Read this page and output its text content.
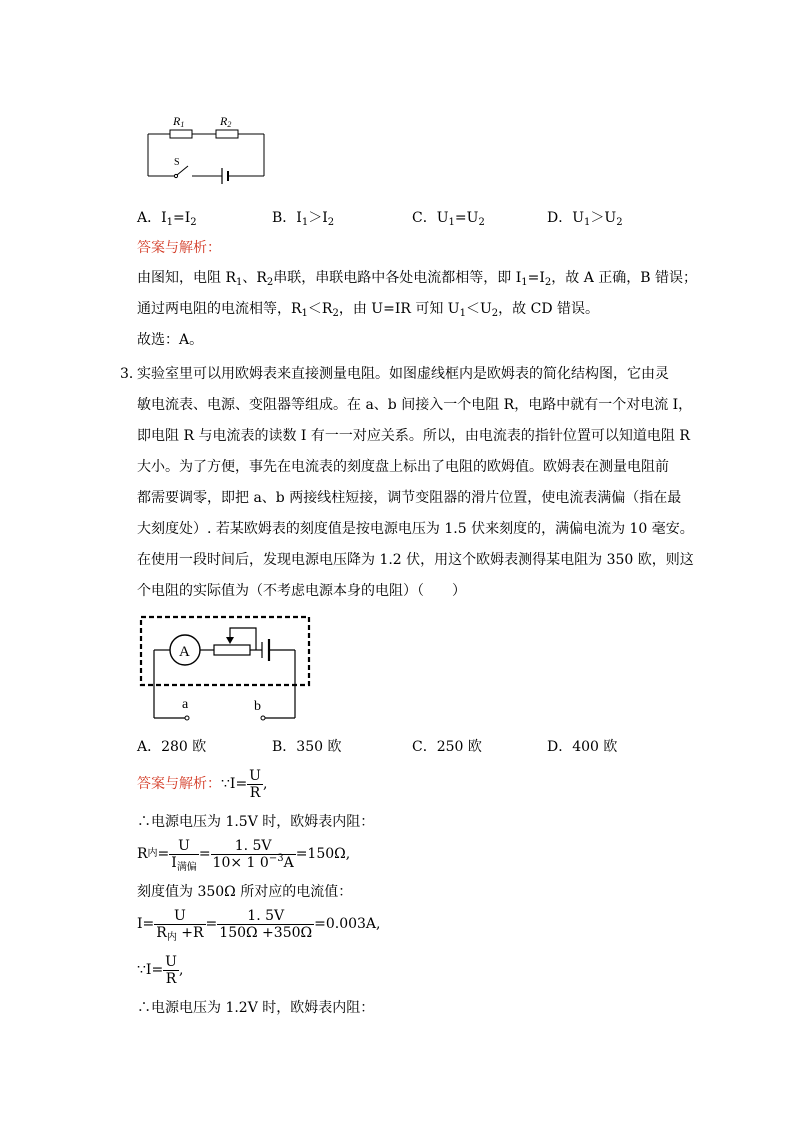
R1	R2
S
A．$I_1=I_2$	B．$I_1>I_2$	C．$U_1=U_2$	D．$U_1>U_2$
答案与解析：
由图知，电阻 $R_1$、$R_2$串联，串联电路中各处电流都相等，即 $I_1=I_2$，故 A 正确，B 错误；
通过两电阻的电流相等，$R_1<R_2$，由 U=IR 可知 $U_1<U_2$，故 CD 错误。
故选：A。
3．
实验室里可以用欧姆表来直接测量电阻。如图虚线框内是欧姆表的简化结构图，它由灵
敏电流表、电源、变阻器等组成。在 a、b 间接入一个电阻 R，电路中就有一个对电流 I，
即电阻 R 与电流表的读数 I 有一一对应关系。所以，由电流表的指针位置可以知道电阻 R
大小。为了方便，事先在电流表的刻度盘上标出了电阻的欧姆值。欧姆表在测量电阻前
都需要调零，即把 a、b 两接线柱短接，调节变阻器的滑片位置，使电流表满偏（指在最
大刻度处）. 若某欧姆表的刻度值是按电源电压为 1.5 伏来刻度的，满偏电流为 10 毫安。
在使用一段时间后，发现电源电压降为 1.2 伏，用这个欧姆表测得某电阻为 350 欧，则这
个电阻的实际值为（不考虑电源本身的电阻）（　　）
A
a	b
A．280 欧	B．350 欧	C．250 欧	D．400 欧
答案与解析： ∵I= $\frac{U}{R}$ ,
∴电源电压为 1.5V 时，欧姆表内阻：
R 内 = $\frac{U}{I_{满偏}} = \frac{1. 5V}{10\times 1 0^{-3}A} =150\Omega$,
刻度值为 350Ω 所对应的电流值：
$I= \frac{U}{R_内 +R} = \frac{1. 5V}{150\Omega +350\Omega} =0.003A$,
∵I= $\frac{U}{R}$ ,
∴电源电压为 1.2V 时，欧姆表内阻：
